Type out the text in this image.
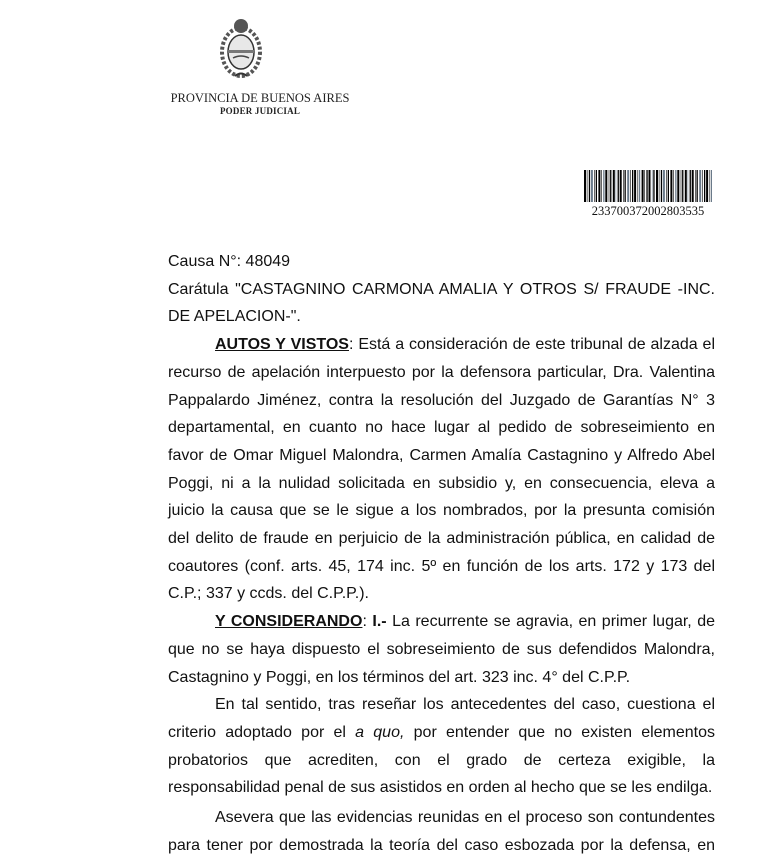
PROVINCIA DE BUENOS AIRES
PODER JUDICIAL
233700372002803535
Causa N°: 48049
Carátula "CASTAGNINO CARMONA AMALIA Y OTROS S/ FRAUDE -INC.
DE APELACION-".
AUTOS Y VISTOS: Está a consideración de este tribunal de alzada el
recurso de apelación interpuesto por la defensora particular, Dra. Valentina
Pappalardo Jiménez, contra la resolución del Juzgado de Garantías N° 3
departamental, en cuanto no hace lugar al pedido de sobreseimiento en
favor de Omar Miguel Malondra, Carmen Amalía Castagnino y Alfredo Abel
Poggi, ni a la nulidad solicitada en subsidio y, en consecuencia, eleva a
juicio la causa que se le sigue a los nombrados, por la presunta comisión
del delito de fraude en perjuicio de la administración pública, en calidad de
coautores (conf. arts. 45, 174 inc. 5º en función de los arts. 172 y 173 del
C.P.; 337 y ccds. del C.P.P.).
Y CONSIDERANDO: I.- La recurrente se agravia, en primer lugar, de
que no se haya dispuesto el sobreseimiento de sus defendidos Malondra,
Castagnino y Poggi, en los términos del art. 323 inc. 4° del C.P.P.
En tal sentido, tras reseñar los antecedentes del caso, cuestiona el
criterio adoptado por el a quo, por entender que no existen elementos
probatorios que acrediten, con el grado de certeza exigible, la
responsabilidad penal de sus asistidos en orden al hecho que se les endilga.
Asevera que las evidencias reunidas en el proceso son contundentes
para tener por demostrada la teoría del caso esbozada por la defensa, en
